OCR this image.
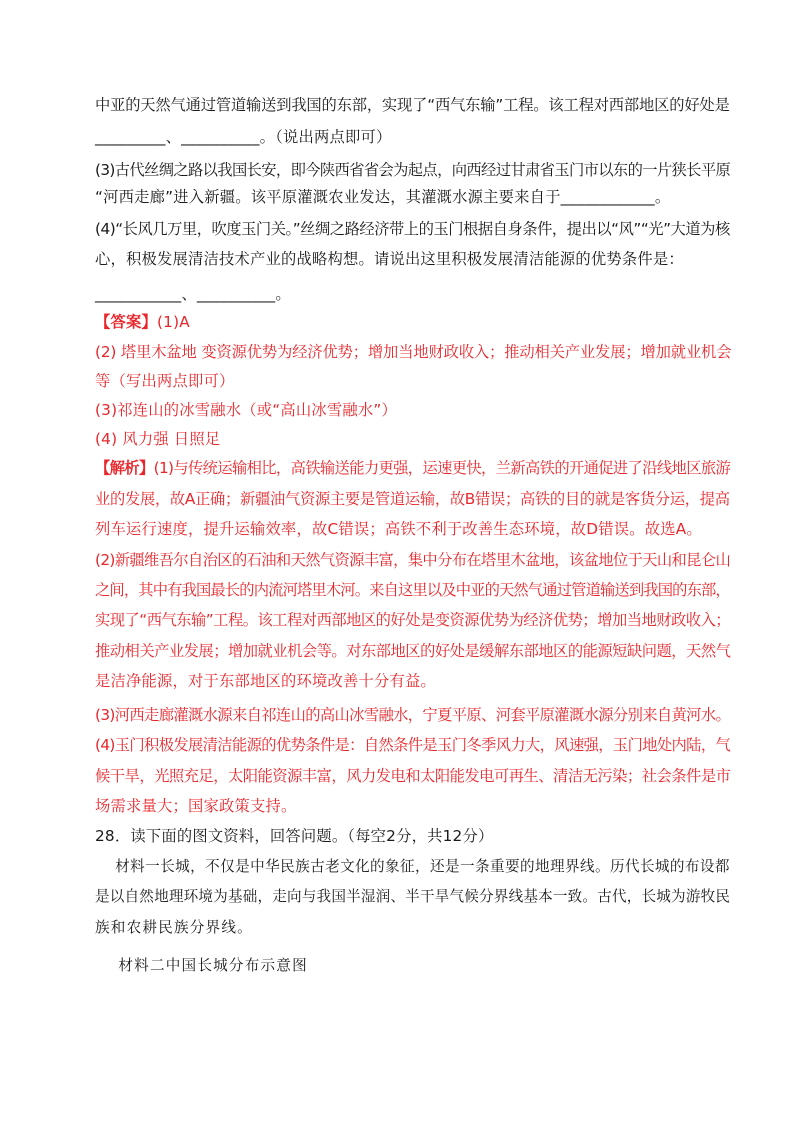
中亚的天然气通过管道输送到我国的东部，实现了“西气东输”工程。该工程对西部地区的好处是
_________、__________。（说出两点即可）
(3)古代丝绸之路以我国长安，即今陕西省省会为起点，向西经过甘肃省玉门市以东的一片狭长平原
“河西走廊”进入新疆。该平原灌溉农业发达，其灌溉水源主要来自于____________。
(4)“长风几万里，吹度玉门关。”丝绸之路经济带上的玉门根据自身条件，提出以“风”“光”大道为核
心，积极发展清洁技术产业的战略构想。请说出这里积极发展清洁能源的优势条件是：
___________、__________。
【答案】(1)A
(2) 塔里木盆地 变资源优势为经济优势；增加当地财政收入；推动相关产业发展；增加就业机会
等（写出两点即可）
(3)祁连山的冰雪融水（或“高山冰雪融水”）
(4) 风力强 日照足
【解析】(1)与传统运输相比，高铁输送能力更强，运速更快，兰新高铁的开通促进了沿线地区旅游
业的发展，故A正确；新疆油气资源主要是管道运输，故B错误；高铁的目的就是客货分运，提高
列车运行速度，提升运输效率，故C错误；高铁不利于改善生态环境，故D错误。故选A。
(2)新疆维吾尔自治区的石油和天然气资源丰富，集中分布在塔里木盆地，该盆地位于天山和昆仑山
之间，其中有我国最长的内流河塔里木河。来自这里以及中亚的天然气通过管道输送到我国的东部，
实现了“西气东输”工程。该工程对西部地区的好处是变资源优势为经济优势；增加当地财政收入；
推动相关产业发展；增加就业机会等。对东部地区的好处是缓解东部地区的能源短缺问题，天然气
是洁净能源，对于东部地区的环境改善十分有益。
(3)河西走廊灌溉水源来自祁连山的高山冰雪融水，宁夏平原、河套平原灌溉水源分别来自黄河水。
(4)玉门积极发展清洁能源的优势条件是：自然条件是玉门冬季风力大，风速强，玉门地处内陆，气
候干旱，光照充足，太阳能资源丰富，风力发电和太阳能发电可再生、清洁无污染；社会条件是市
场需求量大；国家政策支持。
28．读下面的图文资料，回答问题。（每空2分，共12分）
材料一长城，不仅是中华民族古老文化的象征，还是一条重要的地理界线。历代长城的布设都
是以自然地理环境为基础，走向与我国半湿润、半干旱气候分界线基本一致。古代，长城为游牧民
族和农耕民族分界线。
材料二中国长城分布示意图
